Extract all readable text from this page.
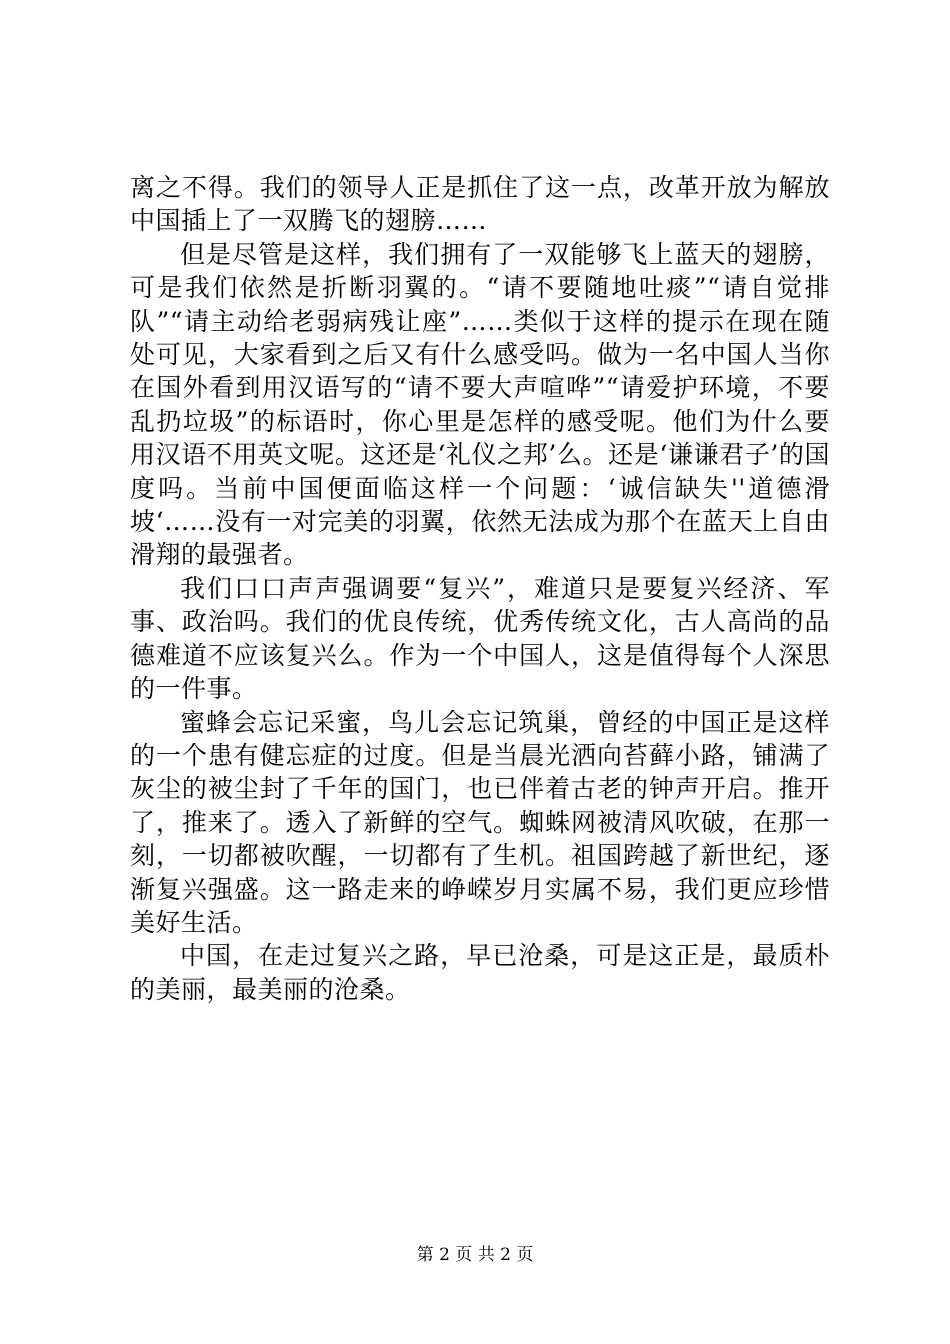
离之不得。我们的领导人正是抓住了这一点，改革开放为解放中国插上了一双腾飞的翅膀……

但是尽管是这样，我们拥有了一双能够飞上蓝天的翅膀，可是我们依然是折断羽翼的。“请不要随地吐痰”“请自觉排队”“请主动给老弱病残让座”……类似于这样的提示在现在随处可见，大家看到之后又有什么感受吗。做为一名中国人当你在国外看到用汉语写的“请不要大声喧哗”“请爱护环境，不要乱扔垃圾”的标语时，你心里是怎样的感受呢。他们为什么要用汉语不用英文呢。这还是‘礼仪之邦’么。还是‘谦谦君子’的国度吗。当前中国便面临这样一个问题：‘诚信缺失''道德滑坡‘……没有一对完美的羽翼，依然无法成为那个在蓝天上自由滑翔的最强者。

我们口口声声强调要“复兴”，难道只是要复兴经济、军事、政治吗。我们的优良传统，优秀传统文化，古人高尚的品德难道不应该复兴么。作为一个中国人，这是值得每个人深思的一件事。

蜜蜂会忘记采蜜，鸟儿会忘记筑巢，曾经的中国正是这样的一个患有健忘症的过度。但是当晨光洒向苔藓小路，铺满了灰尘的被尘封了千年的国门，也已伴着古老的钟声开启。推开了，推来了。透入了新鲜的空气。蜘蛛网被清风吹破，在那一刻，一切都被吹醒，一切都有了生机。祖国跨越了新世纪，逐渐复兴强盛。这一路走来的峥嵘岁月实属不易，我们更应珍惜美好生活。

中国，在走过复兴之路，早已沧桑，可是这正是，最质朴的美丽，最美丽的沧桑。

第 2 页 共 2 页
